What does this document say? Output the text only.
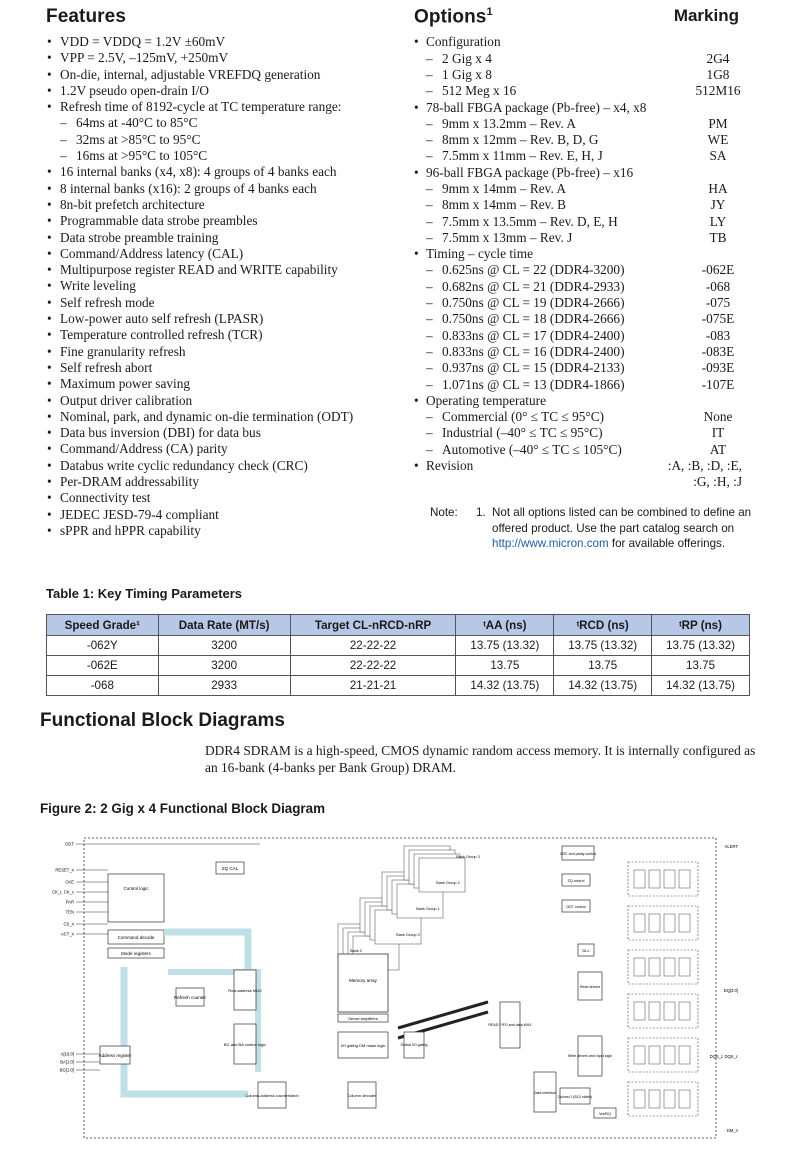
Features
• VDD = VDDQ = 1.2V ±60mV
• VPP = 2.5V, –125mV, +250mV
• On-die, internal, adjustable VREFDQ generation
• 1.2V pseudo open-drain I/O
• Refresh time of 8192-cycle at TC temperature range:
– 64ms at -40°C to 85°C
– 32ms at >85°C to 95°C
– 16ms at >95°C to 105°C
• 16 internal banks (x4, x8): 4 groups of 4 banks each
• 8 internal banks (x16): 2 groups of 4 banks each
• 8n-bit prefetch architecture
• Programmable data strobe preambles
• Data strobe preamble training
• Command/Address latency (CAL)
• Multipurpose register READ and WRITE capability
• Write leveling
• Self refresh mode
• Low-power auto self refresh (LPASR)
• Temperature controlled refresh (TCR)
• Fine granularity refresh
• Self refresh abort
• Maximum power saving
• Output driver calibration
• Nominal, park, and dynamic on-die termination (ODT)
• Data bus inversion (DBI) for data bus
• Command/Address (CA) parity
• Databus write cyclic redundancy check (CRC)
• Per-DRAM addressability
• Connectivity test
• JEDEC JESD-79-4 compliant
• sPPR and hPPR capability
Options$^1$	Marking
• Configuration
– 2 Gig x 4	2G4
– 1 Gig x 8	1G8
– 512 Meg x 16	512M16
• 78-ball FBGA package (Pb-free) – x4, x8
– 9mm x 13.2mm – Rev. A	PM
– 8mm x 12mm – Rev. B, D, G	WE
– 7.5mm x 11mm – Rev. E, H, J	SA
• 96-ball FBGA package (Pb-free) – x16
– 9mm x 14mm – Rev. A	HA
– 8mm x 14mm – Rev. B	JY
– 7.5mm x 13.5mm – Rev. D, E, H	LY
– 7.5mm x 13mm – Rev. J	TB
• Timing – cycle time
– 0.625ns @ CL = 22 (DDR4-3200)	-062E
– 0.682ns @ CL = 21 (DDR4-2933)	-068
– 0.750ns @ CL = 19 (DDR4-2666)	-075
– 0.750ns @ CL = 18 (DDR4-2666)	-075E
– 0.833ns @ CL = 17 (DDR4-2400)	-083
– 0.833ns @ CL = 16 (DDR4-2400)	-083E
– 0.937ns @ CL = 15 (DDR4-2133)	-093E
– 1.071ns @ CL = 13 (DDR4-1866)	-107E
• Operating temperature
– Commercial (0° ≤ TC ≤ 95°C)	None
– Industrial (–40° ≤ TC ≤ 95°C)	IT
– Automotive (–40° ≤ TC ≤ 105°C)	AT
• Revision	:A, :B, :D, :E, :G, :H, :J
Note:	1. Not all options listed can be combined to define an offered product. Use the part catalog search on http://www.micron.com for available offerings.
Table 1: Key Timing Parameters
Speed Grade¹	Data Rate (MT/s)	Target CL-nRCD-nRP	ᵗAA (ns)	ᵗRCD (ns)	ᵗRP (ns)
-062Y	3200	22-22-22	13.75 (13.32)	13.75 (13.32)	13.75 (13.32)
-062E	3200	22-22-22	13.75	13.75	13.75
-068	2933	21-21-21	14.32 (13.75)	14.32 (13.75)	14.32 (13.75)
Functional Block Diagrams
DDR4 SDRAM is a high-speed, CMOS dynamic random access memory. It is internally configured as an 16-bank (4-banks per Bank Group) DRAM.
Figure 2: 2 Gig x 4 Functional Block Diagram
ODT
RESET_n
CKE
CK_t, CK_c
PAR
TEN
CS_n
ACT_n
A[16:0]
BA[1:0]
BG[1:0]
Control logic
Command decode
Mode registers
ZQ CAL
Address register
Refresh counter
Row-address MUX
BG and BA control logic
Column-address counter/latch	Column decoder
Bank 0
Bank Group 3
Bank Group 2
Bank Group 1
Bank Group 0
Memory array
Sense amplifiers
I/O gating DM mask logic	Global I/O gating
READ FIFO and data MUX
Data interface
Read drivers
Write drivers and input logic
DLL
CRC and parity control
ZQ control
ODT control
Column 2 (BC4 nibble)
VrefDQ
ALERT
DQ[3:0]
DQS_t, DQS_c
DM_n
